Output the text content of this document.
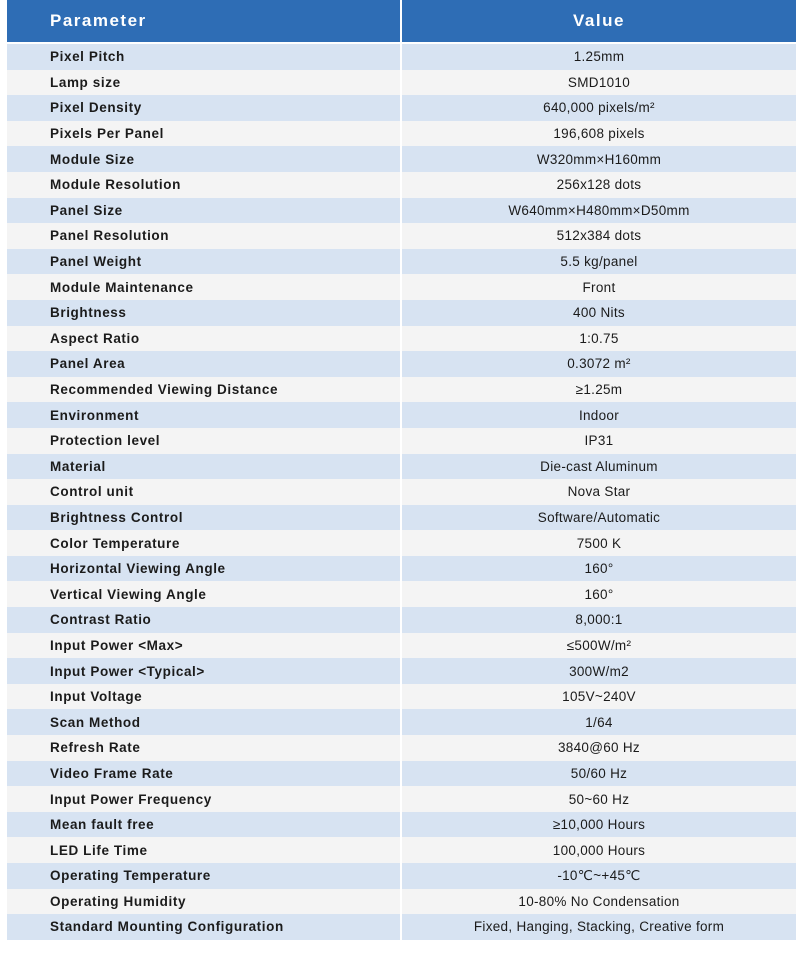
Parameter	Value
Pixel Pitch	1.25mm
Lamp size	SMD1010
Pixel Density	640,000 pixels/m²
Pixels Per Panel	196,608 pixels
Module Size	W320mm×H160mm
Module Resolution	256x128 dots
Panel Size	W640mm×H480mm×D50mm
Panel Resolution	512x384 dots
Panel Weight	5.5 kg/panel
Module Maintenance	Front
Brightness	400 Nits
Aspect Ratio	1:0.75
Panel Area	0.3072 m²
Recommended Viewing Distance	≥1.25m
Environment	Indoor
Protection level	IP31
Material	Die-cast Aluminum
Control unit	Nova Star
Brightness Control	Software/Automatic
Color Temperature	7500 K
Horizontal Viewing Angle	160°
Vertical Viewing Angle	160°
Contrast Ratio	8,000:1
Input Power <Max>	≤500W/m²
Input Power <Typical>	300W/m2
Input Voltage	105V~240V
Scan Method	1/64
Refresh Rate	3840@60 Hz
Video Frame Rate	50/60 Hz
Input Power Frequency	50~60 Hz
Mean fault free	≥10,000 Hours
LED Life Time	100,000 Hours
Operating Temperature	-10℃~+45℃
Operating Humidity	10-80% No Condensation
Standard Mounting Configuration	Fixed, Hanging, Stacking, Creative form
